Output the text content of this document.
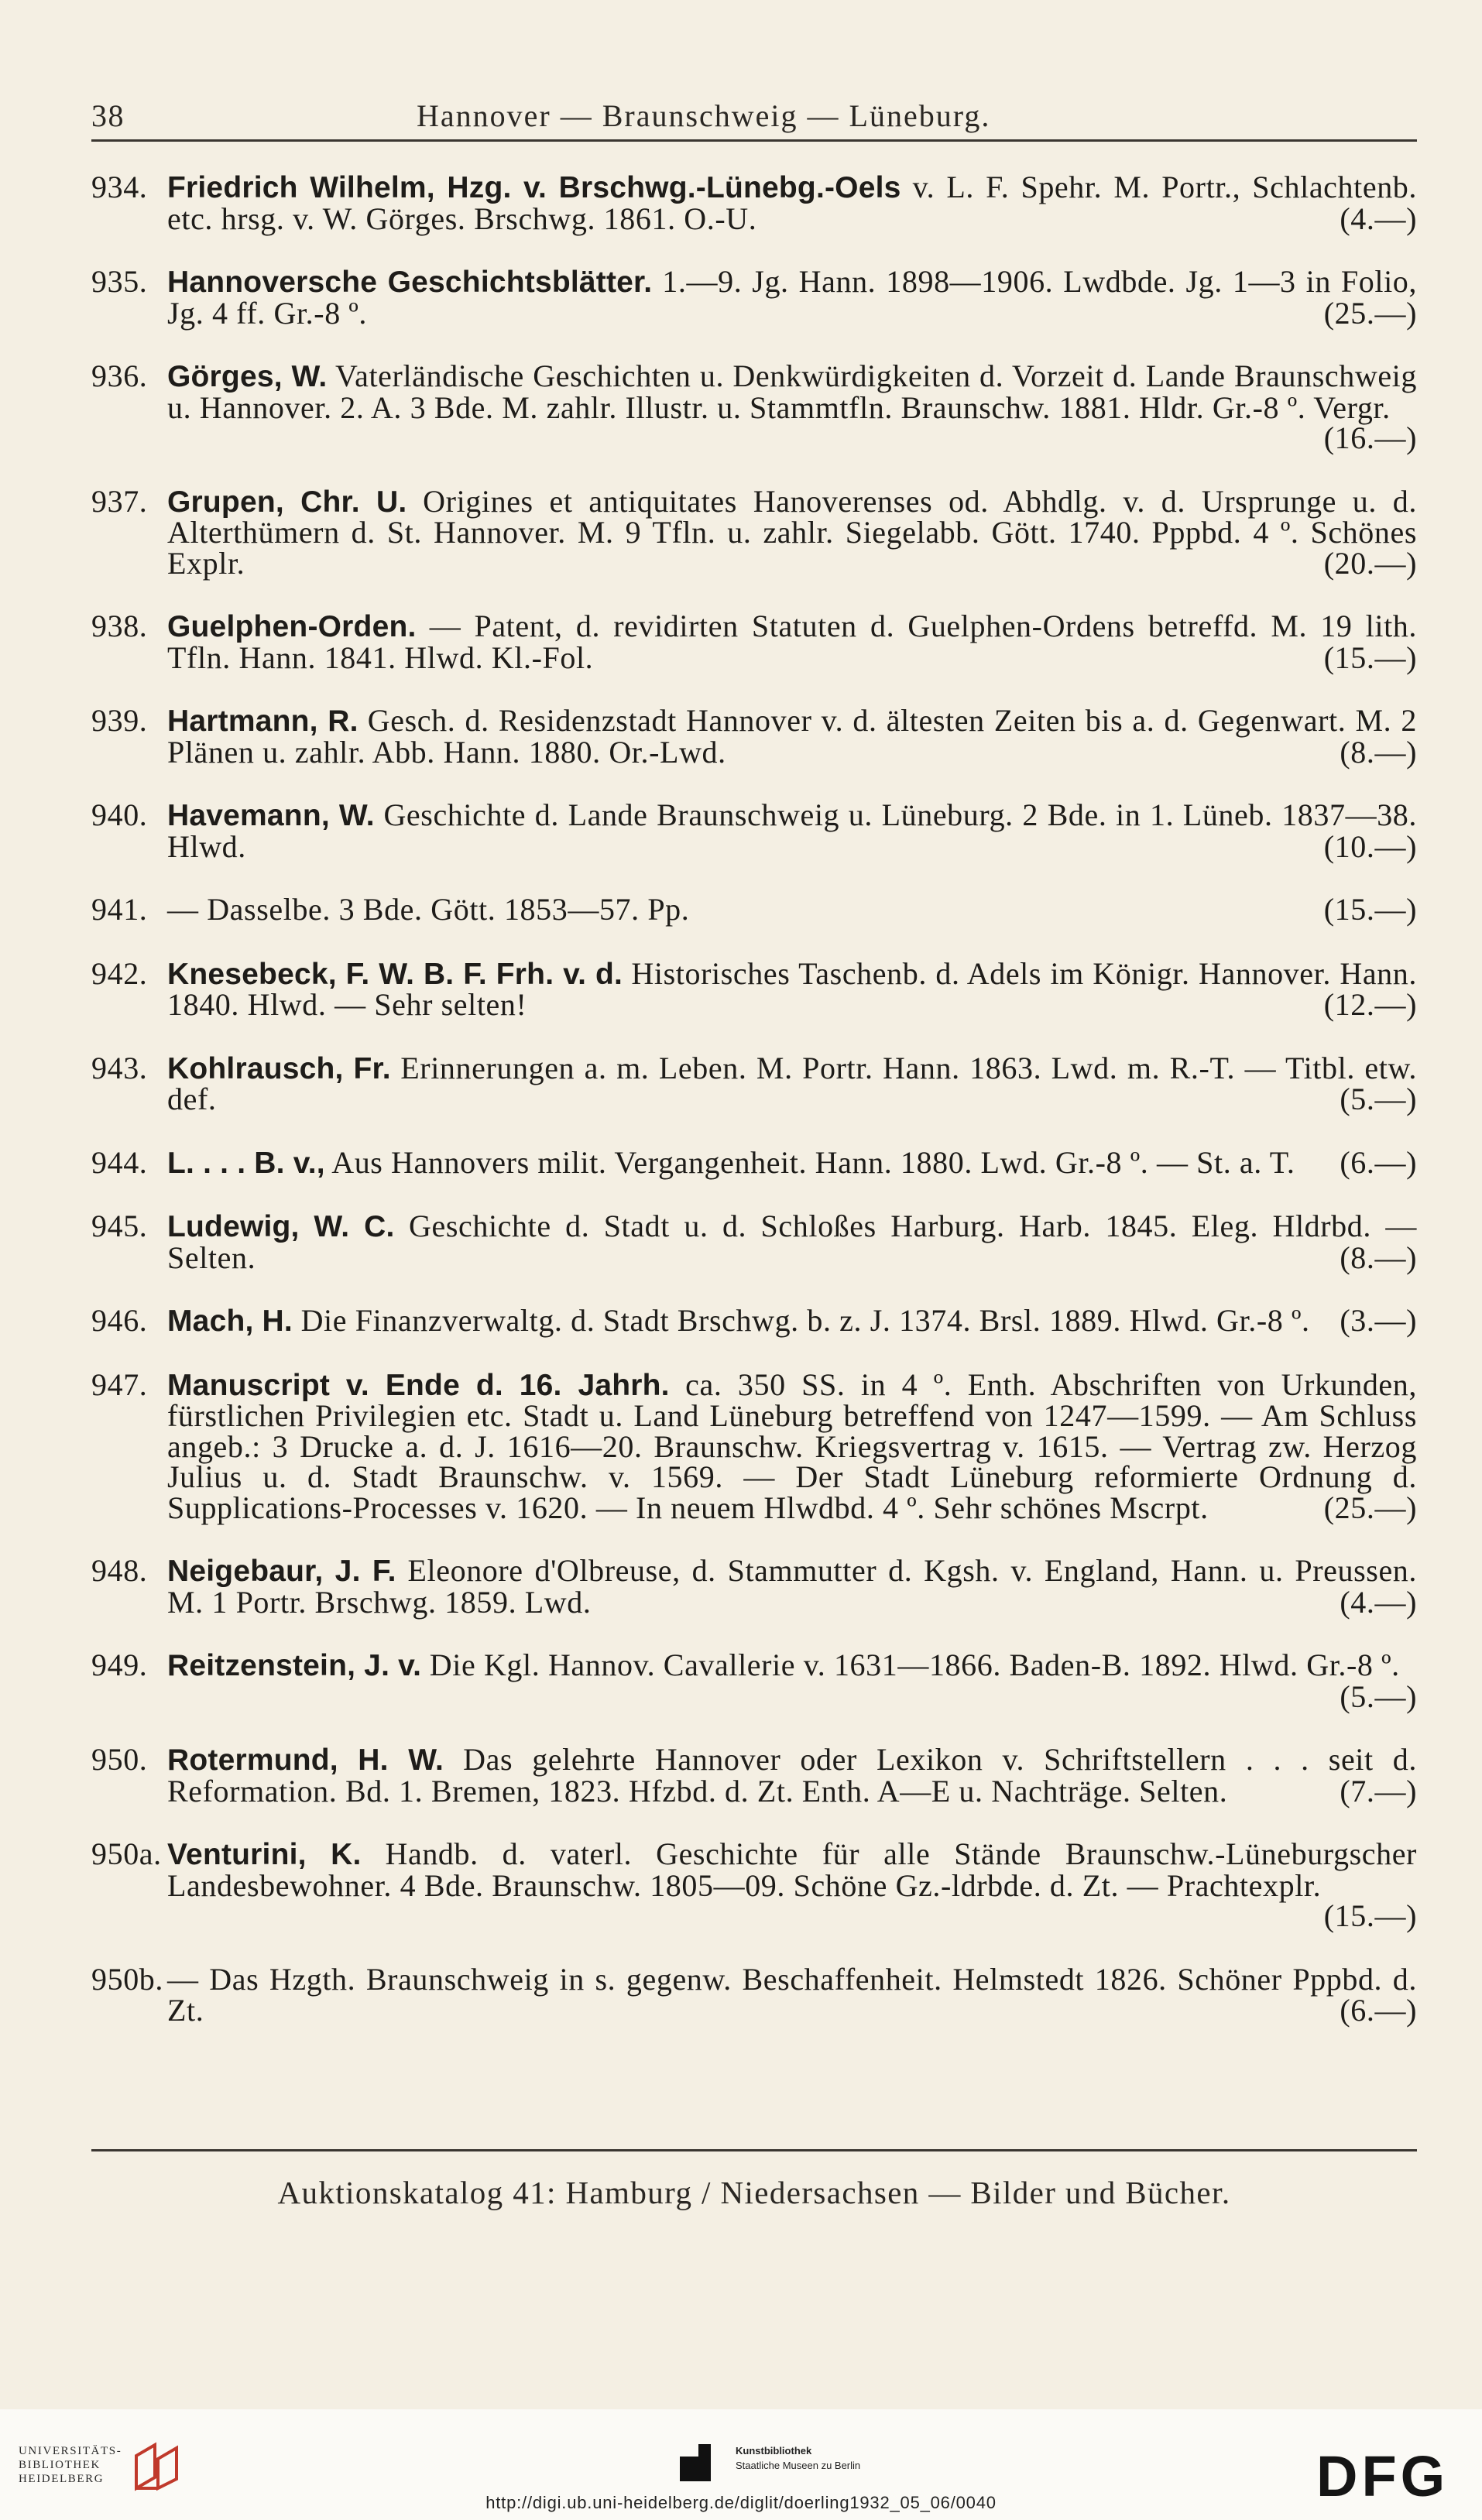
38	Hannover — Braunschweig — Lüneburg.
934. Friedrich Wilhelm, Hzg. v. Brschwg.-Lünebg.-Oels v. L. F. Spehr. M. Portr., Schlachtenb. etc. hrsg. v. W. Görges. Brschwg. 1861. O.-U.	(4.—)
935. Hannoversche Geschichtsblätter. 1.—9. Jg. Hann. 1898—1906. Lwdbde. Jg. 1—3 in Folio, Jg. 4 ff. Gr.-8 º.	(25.—)
936. Görges, W. Vaterländische Geschichten u. Denkwürdigkeiten d. Vorzeit d. Lande Braunschweig u. Hannover. 2. A. 3 Bde. M. zahlr. Illustr. u. Stammtfln. Braunschw. 1881. Hldr. Gr.-8 º. Vergr.
(16.—)
937. Grupen, Chr. U. Origines et antiquitates Hanoverenses od. Abhdlg. v. d. Ursprunge u. d. Alterthümern d. St. Hannover. M. 9 Tfln. u. zahlr. Siegelabb. Gött. 1740. Pppbd. 4 º. Schönes Explr.	(20.—)
938. Guelphen-Orden. — Patent, d. revidirten Statuten d. Guelphen-Ordens betreffd. M. 19 lith. Tfln. Hann. 1841. Hlwd. Kl.-Fol.	(15.—)
939. Hartmann, R. Gesch. d. Residenzstadt Hannover v. d. ältesten Zeiten bis a. d. Gegenwart. M. 2 Plänen u. zahlr. Abb. Hann. 1880. Or.-Lwd.	(8.—)
940. Havemann, W. Geschichte d. Lande Braunschweig u. Lüneburg. 2 Bde. in 1. Lüneb. 1837—38. Hlwd.	(10.—)
941. — Dasselbe. 3 Bde. Gött. 1853—57. Pp.	(15.—)
942. Knesebeck, F. W. B. F. Frh. v. d. Historisches Taschenb. d. Adels im Königr. Hannover. Hann. 1840. Hlwd. — Sehr selten!	(12.—)
943. Kohlrausch, Fr. Erinnerungen a. m. Leben. M. Portr. Hann. 1863. Lwd. m. R.-T. — Titbl. etw. def.	(5.—)
944. L. . . . B. v., Aus Hannovers milit. Vergangenheit. Hann. 1880. Lwd. Gr.-8 º. — St. a. T. (6.—)
945. Ludewig, W. C. Geschichte d. Stadt u. d. Schloßes Harburg. Harb. 1845. Eleg. Hldrbd. — Selten.	(8.—)
946. Mach, H. Die Finanzverwaltg. d. Stadt Brschwg. b. z. J. 1374. Brsl. 1889. Hlwd. Gr.-8 º. (3.—)
947. Manuscript v. Ende d. 16. Jahrh. ca. 350 SS. in 4 º. Enth. Abschriften von Urkunden, fürstlichen Privilegien etc. Stadt u. Land Lüneburg betreffend von 1247—1599. — Am Schluss angeb.: 3 Drucke a. d. J. 1616—20. Braunschw. Kriegsvertrag v. 1615. — Vertrag zw. Herzog Julius u. d. Stadt Braunschw. v. 1569. — Der Stadt Lüneburg reformierte Ordnung d. Supplications-Processes v. 1620. — In neuem Hlwdbd. 4 º. Sehr schönes Mscrpt.	(25.—)
948. Neigebaur, J. F. Eleonore d'Olbreuse, d. Stammutter d. Kgsh. v. England, Hann. u. Preussen. M. 1 Portr. Brschwg. 1859. Lwd.	(4.—)
949. Reitzenstein, J. v. Die Kgl. Hannov. Cavallerie v. 1631—1866. Baden-B. 1892. Hlwd. Gr.-8 º.
(5.—)
950. Rotermund, H. W. Das gelehrte Hannover oder Lexikon v. Schriftstellern . . . seit d. Reformation. Bd. 1. Bremen, 1823. Hfzbd. d. Zt. Enth. A—E u. Nachträge. Selten.	(7.—)
950a. Venturini, K. Handb. d. vaterl. Geschichte für alle Stände Braunschw.-Lüneburgscher Landesbewohner. 4 Bde. Braunschw. 1805—09. Schöne Gz.-ldrbde. d. Zt. — Prachtexplr.
(15.—)
950b. — Das Hzgth. Braunschweig in s. gegenw. Beschaffenheit. Helmstedt 1826. Schöner Pppbd. d. Zt.	(6.—)
Auktionskatalog 41: Hamburg / Niedersachsen — Bilder und Bücher.
UNIVERSITÄTS-
BIBLIOTHEK
HEIDELBERG
Kunstbibliothek
Staatliche Museen zu Berlin	DFG
http://digi.ub.uni-heidelberg.de/diglit/doerling1932_05_06/0040
